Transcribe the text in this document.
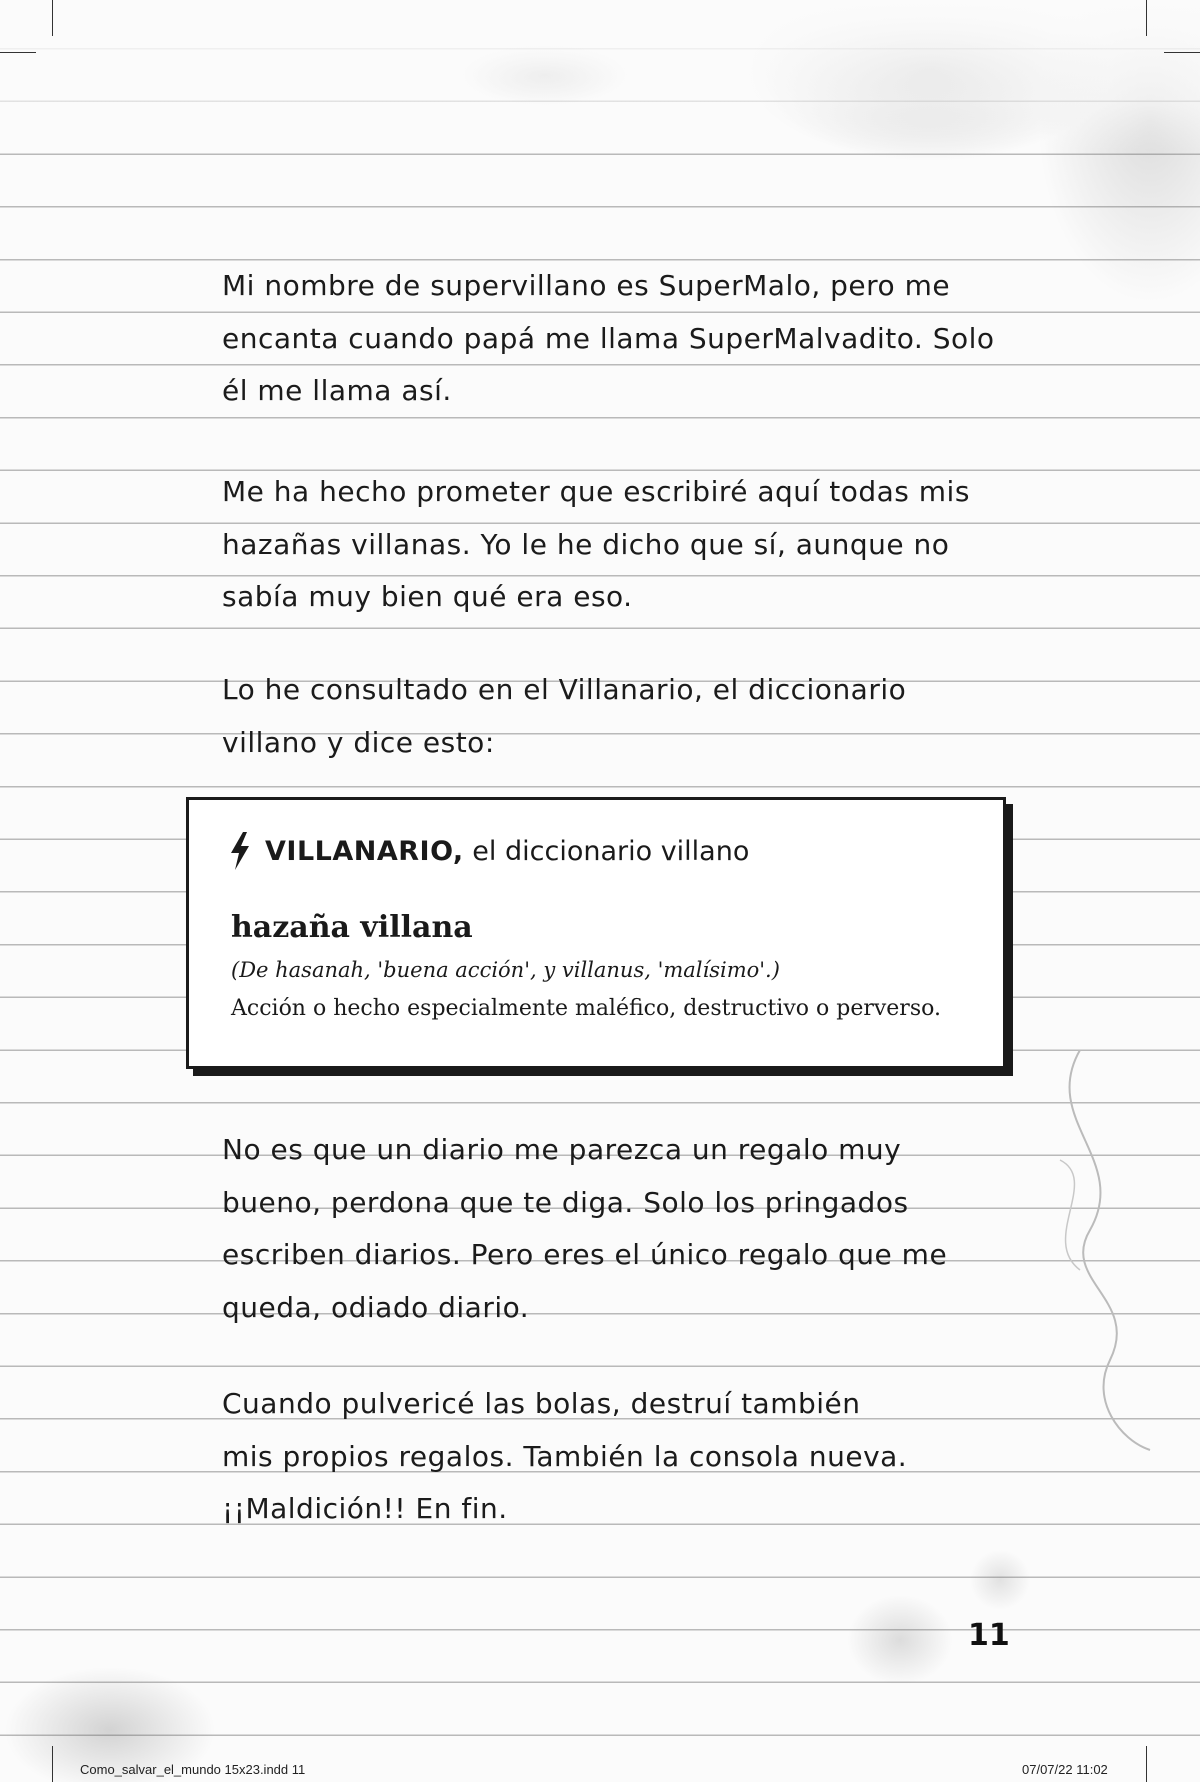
Mi nombre de supervillano es SuperMalo, pero me
encanta cuando papá me llama SuperMalvadito. Solo
él me llama así.
Me ha hecho prometer que escribiré aquí todas mis
hazañas villanas. Yo le he dicho que sí, aunque no
sabía muy bien qué era eso.
Lo he consultado en el Villanario, el diccionario
villano y dice esto:
VILLANARIO,
el diccionario villano
hazaña villana
(De hasanah, 'buena acción', y villanus, 'malísimo'.)
Acción o hecho especialmente maléfico, destructivo o perverso.
No es que un diario me parezca un regalo muy
bueno, perdona que te diga. Solo los pringados
escriben diarios. Pero eres el único regalo que me
queda, odiado diario.
Cuando pulvericé las bolas, destruí también
mis propios regalos. También la consola nueva.
¡¡Maldición!! En fin.
11
Como_salvar_el_mundo 15x23.indd 11	07/07/22 11:02
